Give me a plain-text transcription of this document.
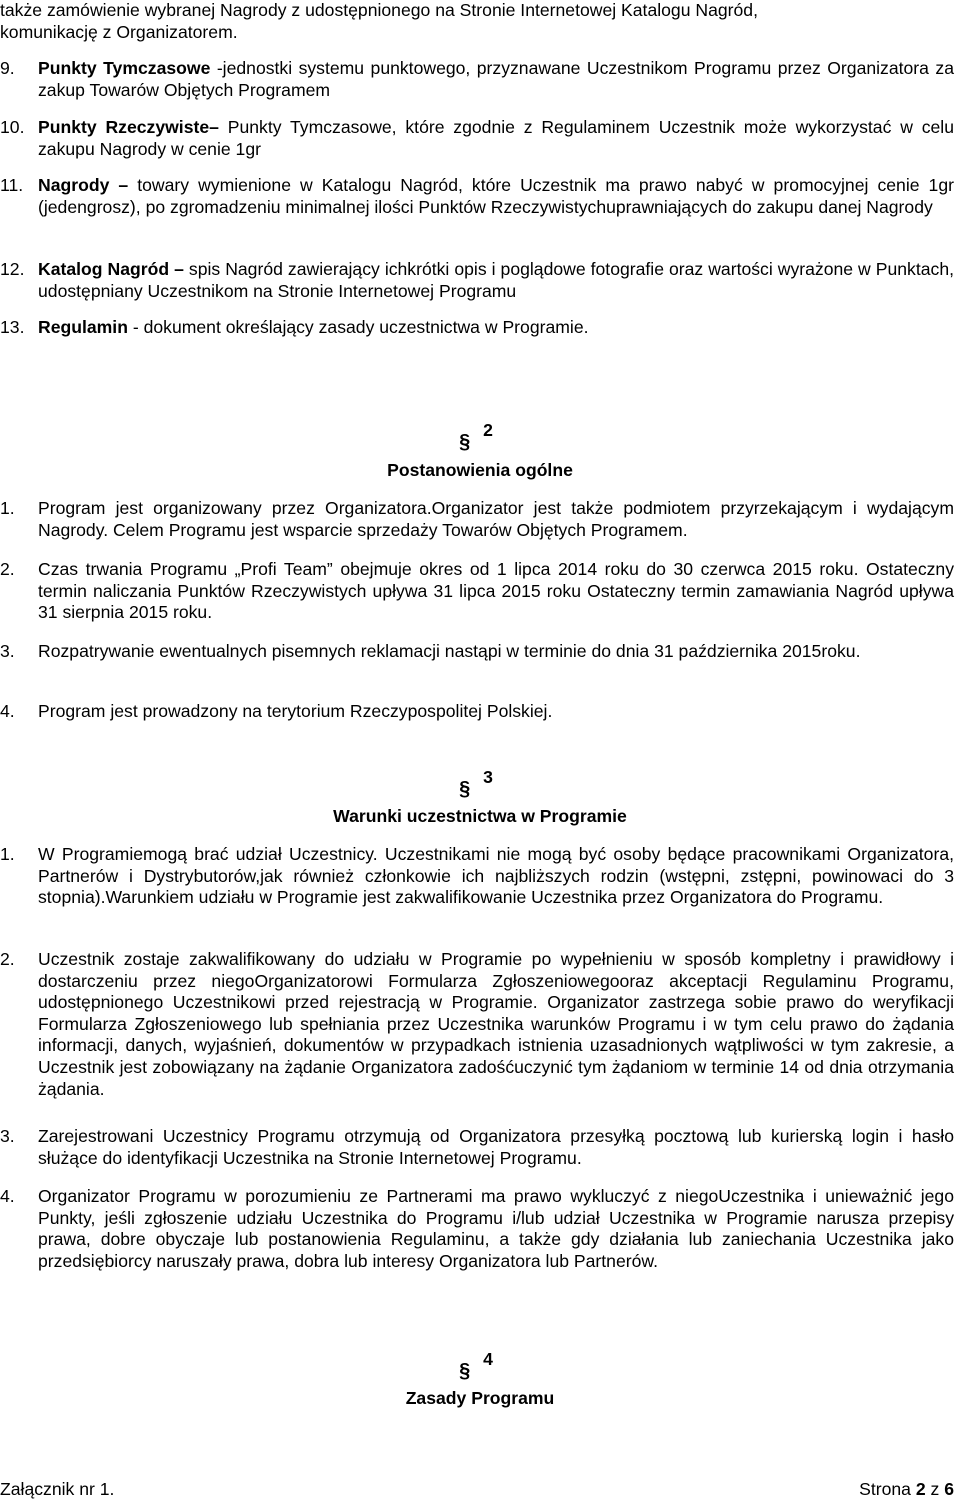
także zamówienie wybranej Nagrody z udostępnionego na Stronie Internetowej Katalogu Nagród,

komunikację z Organizatorem.

9. Punkty Tymczasowe -jednostki systemu punktowego, przyznawane Uczestnikom Programu przez Organizatora za zakup Towarów Objętych Programem

10. Punkty Rzeczywiste– Punkty Tymczasowe, które zgodnie z Regulaminem Uczestnik może wykorzystać w celu zakupu Nagrody w cenie 1gr

11. Nagrody – towary wymienione w Katalogu Nagród, które Uczestnik ma prawo nabyć w promocyjnej cenie 1gr (jedengrosz), po zgromadzeniu minimalnej ilości Punktów Rzeczywistychuprawniających do zakupu danej Nagrody

12. Katalog Nagród – spis Nagród zawierający ichkrótki opis i poglądowe fotografie oraz wartości wyrażone w Punktach, udostępniany Uczestnikom na Stronie Internetowej Programu

13. Regulamin - dokument określający zasady uczestnictwa w Programie.

§ 2
Postanowienia ogólne
1. Program jest organizowany przez Organizatora.Organizator jest także podmiotem przyrzekającym i wydającym Nagrody. Celem Programu jest wsparcie sprzedaży Towarów Objętych Programem.

2. Czas trwania Programu „Profi Team” obejmuje okres od 1 lipca 2014 roku do 30 czerwca 2015 roku. Ostateczny termin naliczania Punktów Rzeczywistych upływa 31 lipca 2015 roku Ostateczny termin zamawiania Nagród upływa 31 sierpnia 2015 roku.

3. Rozpatrywanie ewentualnych pisemnych reklamacji nastąpi w terminie do dnia 31 października 2015roku.

4. Program jest prowadzony na terytorium Rzeczypospolitej Polskiej.

§ 3
Warunki uczestnictwa w Programie
1. W Programiemogą brać udział Uczestnicy. Uczestnikami nie mogą być osoby będące pracownikami Organizatora, Partnerów i Dystrybutorów,jak również członkowie ich najbliższych rodzin (wstępni, zstępni, powinowaci do 3 stopnia).Warunkiem udziału w Programie jest zakwalifikowanie Uczestnika przez Organizatora do Programu.

2. Uczestnik zostaje zakwalifikowany do udziału w Programie po wypełnieniu w sposób kompletny i prawidłowy i dostarczeniu przez niegoOrganizatorowi Formularza Zgłoszeniowegooraz akceptacji Regulaminu Programu, udostępnionego Uczestnikowi przed rejestracją w Programie. Organizator zastrzega sobie prawo do weryfikacji Formularza Zgłoszeniowego lub spełniania przez Uczestnika warunków Programu i w tym celu prawo do żądania informacji, danych, wyjaśnień, dokumentów w przypadkach istnienia uzasadnionych wątpliwości w tym zakresie, a Uczestnik jest zobowiązany na żądanie Organizatora zadośćuczynić tym żądaniom w terminie 14 od dnia otrzymania żądania.

3. Zarejestrowani Uczestnicy Programu otrzymują od Organizatora przesyłką pocztową lub kurierską login i hasło służące do identyfikacji Uczestnika na Stronie Internetowej Programu.

4. Organizator Programu w porozumieniu ze Partnerami ma prawo wykluczyć z niegoUczestnika i unieważnić jego Punkty, jeśli zgłoszenie udziału Uczestnika do Programu i/lub udział Uczestnika w Programie narusza przepisy prawa, dobre obyczaje lub postanowienia Regulaminu, a także gdy działania lub zaniechania Uczestnika jako przedsiębiorcy naruszały prawa, dobra lub interesy Organizatora lub Partnerów.

§ 4
Zasady Programu
Załącznik nr 1.	Strona 2 z 6
